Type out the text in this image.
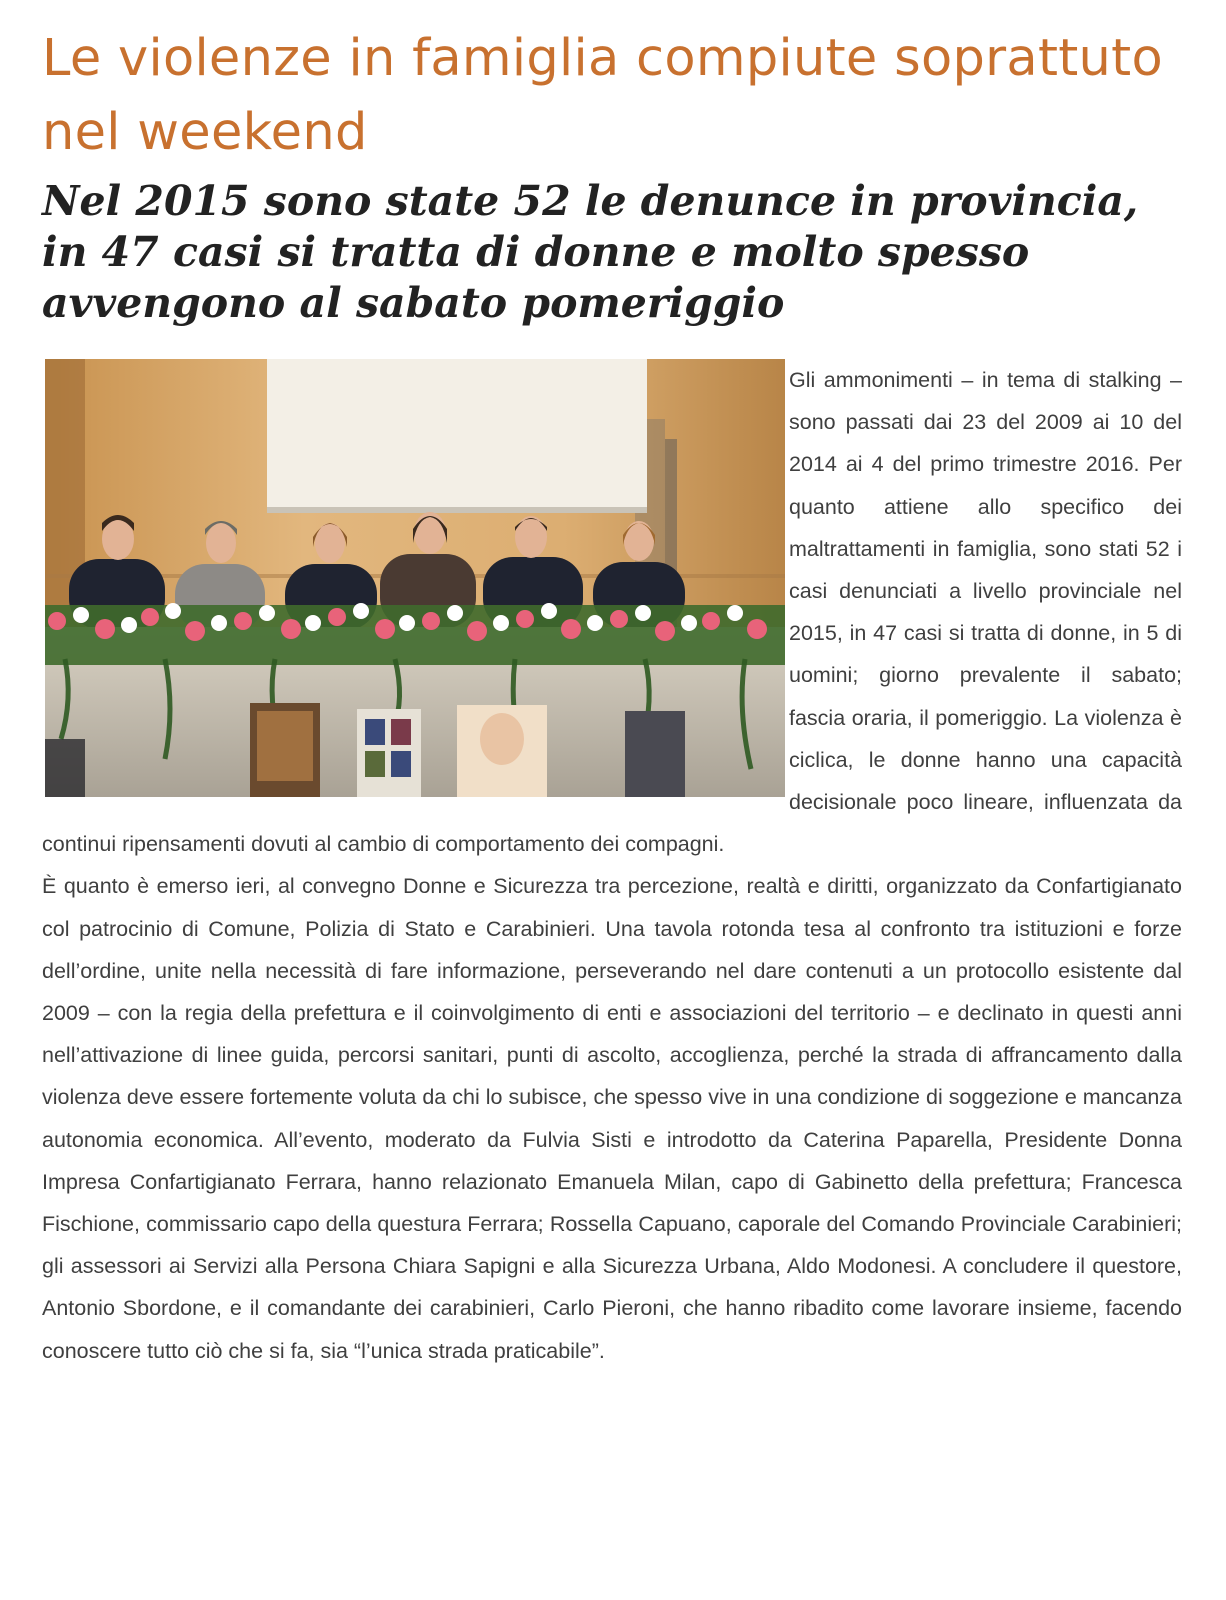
Le violenze in famiglia compiute soprattuto nel weekend
Nel 2015 sono state 52 le denunce in provincia, in 47 casi si tratta di donne e molto spesso avvengono al sabato pomeriggio

Gli ammonimenti – in tema di stalking – sono passati dai 23 del 2009 ai 10 del 2014 ai 4 del primo trimestre 2016. Per quanto attiene allo specifico dei maltrattamenti in famiglia, sono stati 52 i casi denunciati a livello provinciale nel 2015, in 47 casi si tratta di donne, in 5 di uomini; giorno prevalente il sabato; fascia oraria, il pomeriggio. La violenza è ciclica, le donne hanno una capacità decisionale poco lineare, influenzata da continui ripensamenti dovuti al cambio di comportamento dei compagni.

È quanto è emerso ieri, al convegno Donne e Sicurezza tra percezione, realtà e diritti, organizzato da Confartigianato col patrocinio di Comune, Polizia di Stato e Carabinieri. Una tavola rotonda tesa al confronto tra istituzioni e forze dell’ordine, unite nella necessità di fare informazione, perseverando nel dare contenuti a un protocollo esistente dal 2009 – con la regia della prefettura e il coinvolgimento di enti e associazioni del territorio – e declinato in questi anni nell’attivazione di linee guida, percorsi sanitari, punti di ascolto, accoglienza, perché la strada di affrancamento dalla violenza deve essere fortemente voluta da chi lo subisce, che spesso vive in una condizione di soggezione e mancanza autonomia economica. All’evento, moderato da Fulvia Sisti e introdotto da Caterina Paparella, Presidente Donna Impresa Confartigianato Ferrara, hanno relazionato Emanuela Milan, capo di Gabinetto della prefettura; Francesca Fischione, commissario capo della questura Ferrara; Rossella Capuano, caporale del Comando Provinciale Carabinieri; gli assessori ai Servizi alla Persona Chiara Sapigni e alla Sicurezza Urbana, Aldo Modonesi. A concludere il questore, Antonio Sbordone, e il comandante dei carabinieri, Carlo Pieroni, che hanno ribadito come lavorare insieme, facendo conoscere tutto ciò che si fa, sia “l’unica strada praticabile”.
